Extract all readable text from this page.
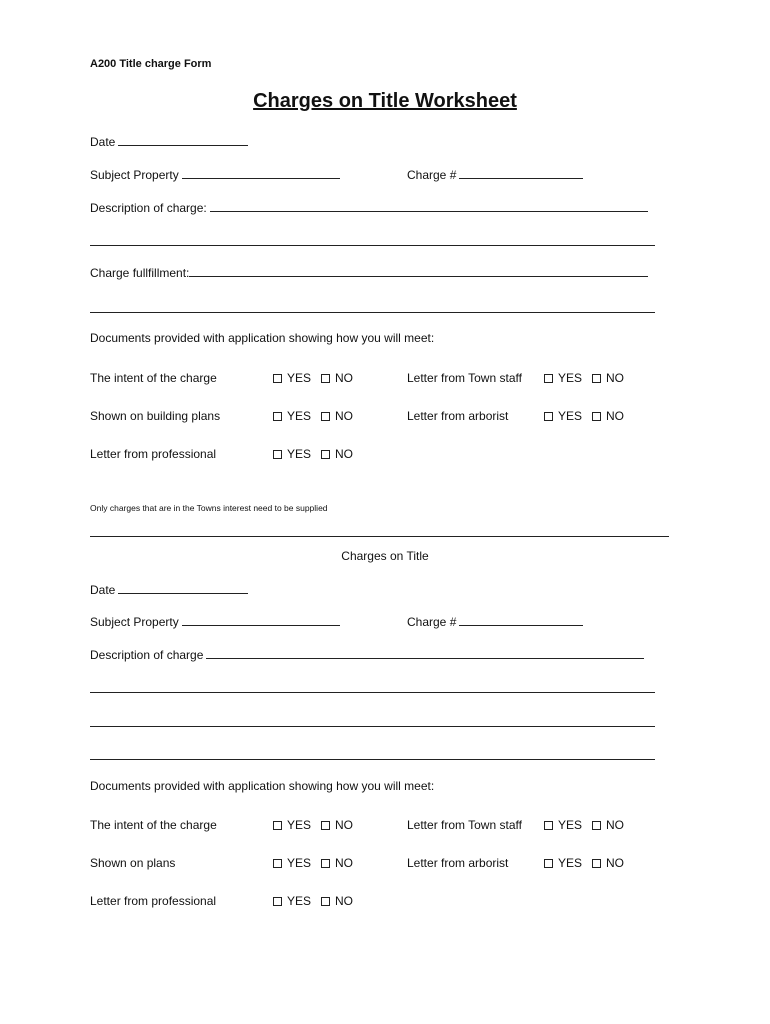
A200 Title charge Form
Charges on Title Worksheet
Date
Subject Property	Charge #
Description of charge:
Charge fullfillment:
Documents provided with application showing how you will meet:
The intent of the charge	YES NO	Letter from Town staff	YES NO
Shown on building plans	YES NO	Letter from arborist	YES NO
Letter from professional	YES NO
Only charges that are in the Towns interest need to be supplied
Charges on Title
Date
Subject Property	Charge #
Description of charge
Documents provided with application showing how you will meet:
The intent of the charge	YES NO	Letter from Town staff	YES NO
Shown on plans	YES NO	Letter from arborist	YES NO
Letter from professional	YES NO
